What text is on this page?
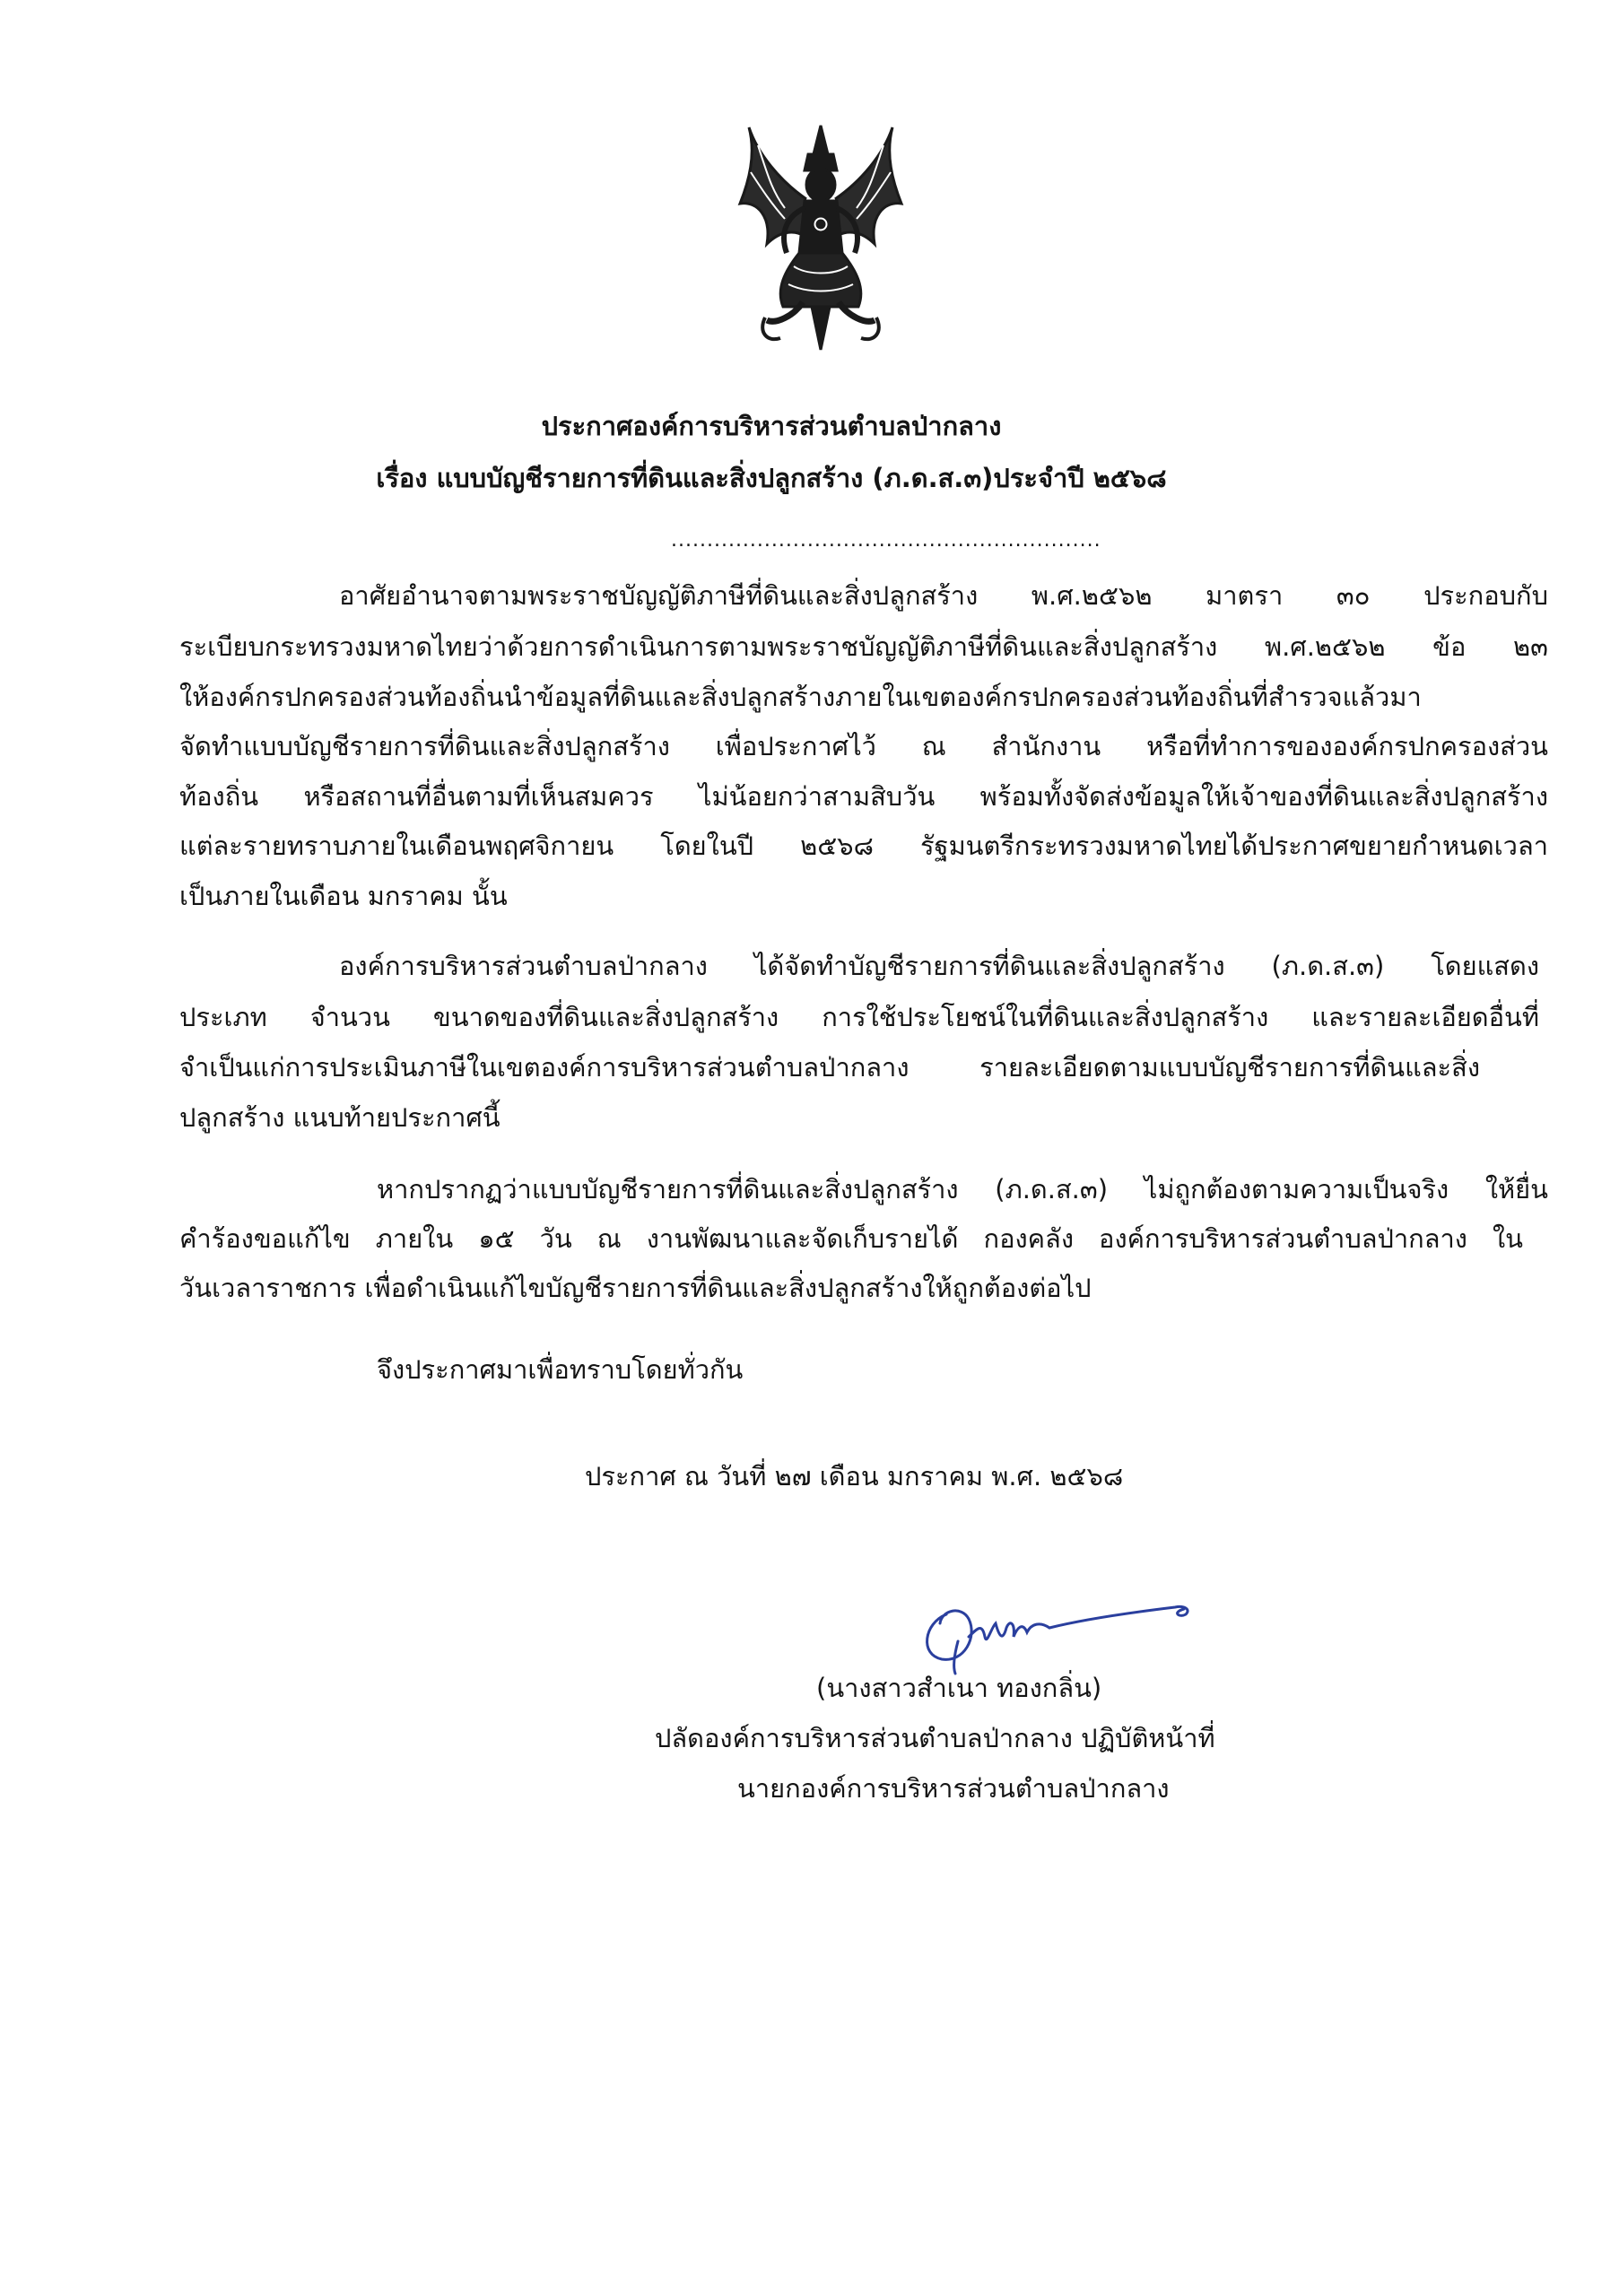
ประกาศองค์การบริหารส่วนตำบลป่ากลาง
เรื่อง แบบบัญชีรายการที่ดินและสิ่งปลูกสร้าง (ภ.ด.ส.๓)ประจำปี ๒๕๖๘
............................................................
อาศัยอำนาจตามพระราชบัญญัติภาษีที่ดินและสิ่งปลูกสร้าง พ.ศ.๒๕๖๒ มาตรา ๓๐ ประกอบกับ
ระเบียบกระทรวงมหาดไทยว่าด้วยการดำเนินการตามพระราชบัญญัติภาษีที่ดินและสิ่งปลูกสร้าง พ.ศ.๒๕๖๒ ข้อ ๒๓
ให้องค์กรปกครองส่วนท้องถิ่นนำข้อมูลที่ดินและสิ่งปลูกสร้างภายในเขตองค์กรปกครองส่วนท้องถิ่นที่สำรวจแล้วมา
จัดทำแบบบัญชีรายการที่ดินและสิ่งปลูกสร้าง เพื่อประกาศไว้ ณ สำนักงาน หรือที่ทำการขององค์กรปกครองส่วน
ท้องถิ่น หรือสถานที่อื่นตามที่เห็นสมควร ไม่น้อยกว่าสามสิบวัน พร้อมทั้งจัดส่งข้อมูลให้เจ้าของที่ดินและสิ่งปลูกสร้าง
แต่ละรายทราบภายในเดือนพฤศจิกายน โดยในปี ๒๕๖๘ รัฐมนตรีกระทรวงมหาดไทยได้ประกาศขยายกำหนดเวลา
เป็นภายในเดือน มกราคม นั้น
องค์การบริหารส่วนตำบลป่ากลาง ได้จัดทำบัญชีรายการที่ดินและสิ่งปลูกสร้าง (ภ.ด.ส.๓) โดยแสดง
ประเภท จำนวน ขนาดของที่ดินและสิ่งปลูกสร้าง การใช้ประโยชน์ในที่ดินและสิ่งปลูกสร้าง และรายละเอียดอื่นที่
จำเป็นแก่การประเมินภาษีในเขตองค์การบริหารส่วนตำบลป่ากลาง รายละเอียดตามแบบบัญชีรายการที่ดินและสิ่ง
ปลูกสร้าง แนบท้ายประกาศนี้
หากปรากฏว่าแบบบัญชีรายการที่ดินและสิ่งปลูกสร้าง (ภ.ด.ส.๓) ไม่ถูกต้องตามความเป็นจริง ให้ยื่น
คำร้องขอแก้ไข ภายใน ๑๕ วัน ณ งานพัฒนาและจัดเก็บรายได้ กองคลัง องค์การบริหารส่วนตำบลป่ากลาง ใน
วันเวลาราชการ เพื่อดำเนินแก้ไขบัญชีรายการที่ดินและสิ่งปลูกสร้างให้ถูกต้องต่อไป
จึงประกาศมาเพื่อทราบโดยทั่วกัน
ประกาศ ณ วันที่ ๒๗ เดือน มกราคม พ.ศ. ๒๕๖๘
(นางสาวสำเนา ทองกลิ่น)
ปลัดองค์การบริหารส่วนตำบลป่ากลาง ปฏิบัติหน้าที่
นายกองค์การบริหารส่วนตำบลป่ากลาง
